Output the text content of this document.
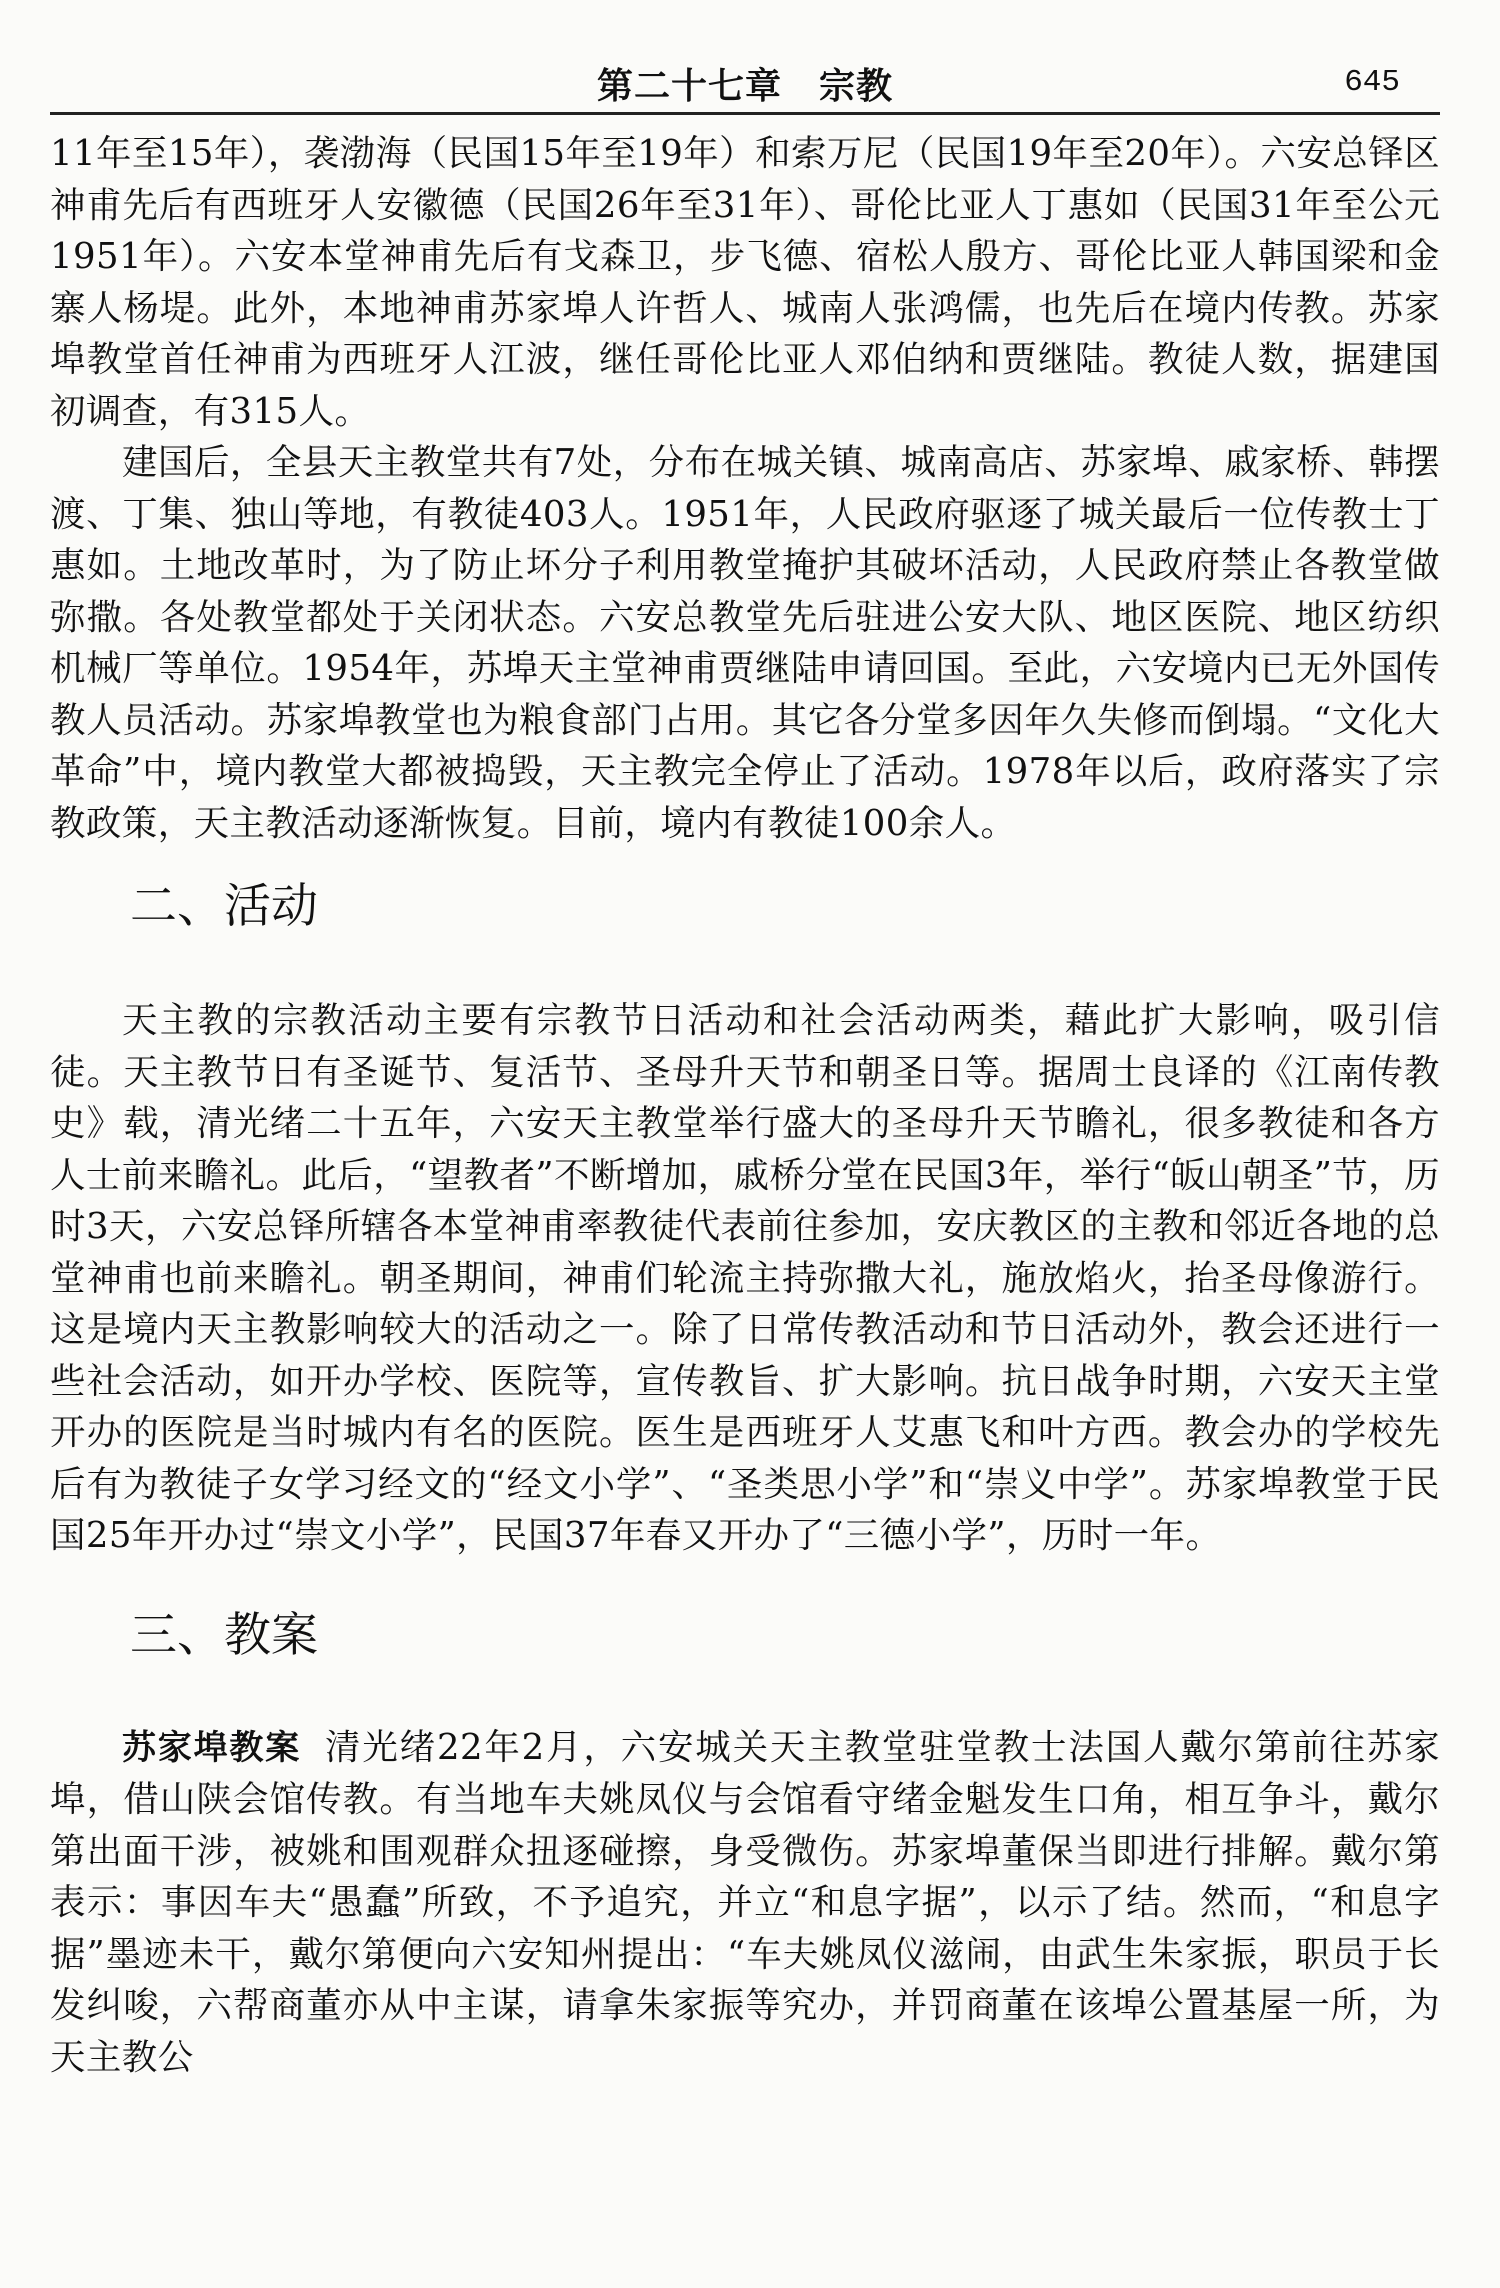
第二十七章　宗教	645

11年至15年），袭渤海（民国15年至19年）和索万尼（民国19年至20年）。六安总铎区神甫先后有西班牙人安徽德（民国26年至31年）、哥伦比亚人丁惠如（民国31年至公元1951年）。六安本堂神甫先后有戈森卫，步飞德、宿松人殷方、哥伦比亚人韩国梁和金寨人杨堤。此外，本地神甫苏家埠人许哲人、城南人张鸿儒，也先后在境内传教。苏家埠教堂首任神甫为西班牙人江波，继任哥伦比亚人邓伯纳和贾继陆。教徒人数，据建国初调查，有315人。

建国后，全县天主教堂共有7处，分布在城关镇、城南高店、苏家埠、戚家桥、韩摆渡、丁集、独山等地，有教徒403人。1951年，人民政府驱逐了城关最后一位传教士丁惠如。土地改革时，为了防止坏分子利用教堂掩护其破坏活动，人民政府禁止各教堂做弥撒。各处教堂都处于关闭状态。六安总教堂先后驻进公安大队、地区医院、地区纺织机械厂等单位。1954年，苏埠天主堂神甫贾继陆申请回国。至此，六安境内已无外国传教人员活动。苏家埠教堂也为粮食部门占用。其它各分堂多因年久失修而倒塌。“文化大革命”中，境内教堂大都被捣毁，天主教完全停止了活动。1978年以后，政府落实了宗教政策，天主教活动逐渐恢复。目前，境内有教徒100余人。

二、活动

天主教的宗教活动主要有宗教节日活动和社会活动两类，藉此扩大影响，吸引信徒。天主教节日有圣诞节、复活节、圣母升天节和朝圣日等。据周士良译的《江南传教史》载，清光绪二十五年，六安天主教堂举行盛大的圣母升天节瞻礼，很多教徒和各方人士前来瞻礼。此后，“望教者”不断增加，戚桥分堂在民国3年，举行“皈山朝圣”节，历时3天，六安总铎所辖各本堂神甫率教徒代表前往参加，安庆教区的主教和邻近各地的总堂神甫也前来瞻礼。朝圣期间，神甫们轮流主持弥撒大礼，施放焰火，抬圣母像游行。这是境内天主教影响较大的活动之一。除了日常传教活动和节日活动外，教会还进行一些社会活动，如开办学校、医院等，宣传教旨、扩大影响。抗日战争时期，六安天主堂开办的医院是当时城内有名的医院。医生是西班牙人艾惠飞和叶方西。教会办的学校先后有为教徒子女学习经文的“经文小学”、“圣类思小学”和“崇义中学”。苏家埠教堂于民国25年开办过“崇文小学”，民国37年春又开办了“三德小学”，历时一年。

三、教案

苏家埠教案 清光绪22年2月，六安城关天主教堂驻堂教士法国人戴尔第前往苏家埠，借山陕会馆传教。有当地车夫姚凤仪与会馆看守绪金魁发生口角，相互争斗，戴尔第出面干涉，被姚和围观群众扭逐碰擦，身受微伤。苏家埠董保当即进行排解。戴尔第表示：事因车夫“愚蠢”所致，不予追究，并立“和息字据”，以示了结。然而，“和息字据”墨迹未干，戴尔第便向六安知州提出：“车夫姚凤仪滋闹，由武生朱家振，职员于长发纠唆，六帮商董亦从中主谋，请拿朱家振等究办，并罚商董在该埠公置基屋一所，为天主教公
